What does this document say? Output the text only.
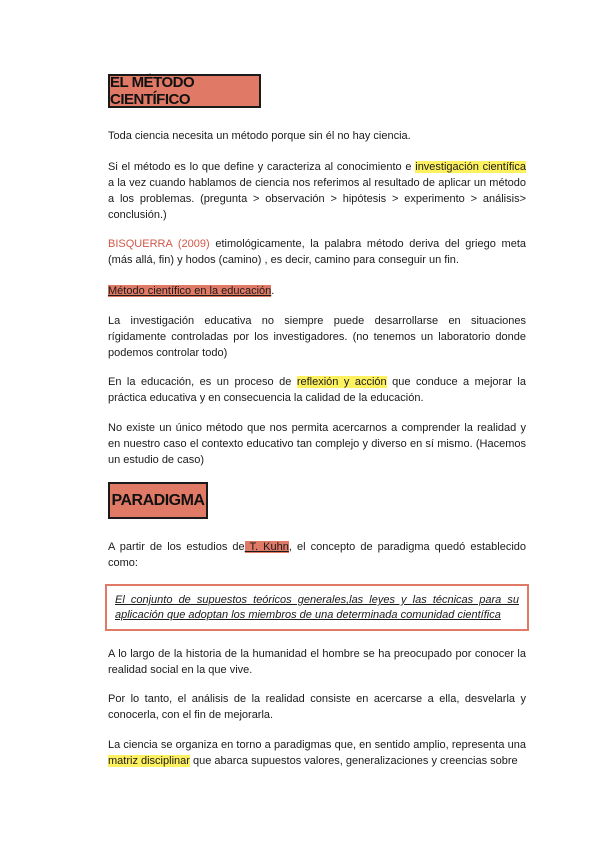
EL MÉTODO CIENTÍFICO

Toda ciencia necesita un método porque sin él no hay ciencia.

Si el método es lo que define y caracteriza al conocimiento e investigación científica a la vez cuando hablamos de ciencia nos referimos al resultado de aplicar un método a los problemas. (pregunta > observación > hipótesis > experimento > análisis> conclusión.)

BISQUERRA (2009) etimológicamente, la palabra método deriva del griego meta (más allá, fin) y hodos (camino) , es decir, camino para conseguir un fin.

Método científico en la educación.

La investigación educativa no siempre puede desarrollarse en situaciones rígidamente controladas por los investigadores. (no tenemos un laboratorio donde podemos controlar todo)

En la educación, es un proceso de reflexión y acción que conduce a mejorar la práctica educativa y en consecuencia la calidad de la educación.

No existe un único método que nos permita acercarnos a comprender la realidad y en nuestro caso el contexto educativo tan complejo y diverso en sí mismo. (Hacemos un estudio de caso)

PARADIGMA

A partir de los estudios de T. Kuhn, el concepto de paradigma quedó establecido como:

El conjunto de supuestos teóricos generales,las leyes y las técnicas para su aplicación que adoptan los miembros de una determinada comunidad científica

A lo largo de la historia de la humanidad el hombre se ha preocupado por conocer la realidad social en la que vive.

Por lo tanto, el análisis de la realidad consiste en acercarse a ella, desvelarla y conocerla, con el fin de mejorarla.

La ciencia se organiza en torno a paradigmas que, en sentido amplio, representa una matriz disciplinar que abarca supuestos valores, generalizaciones y creencias sobre
